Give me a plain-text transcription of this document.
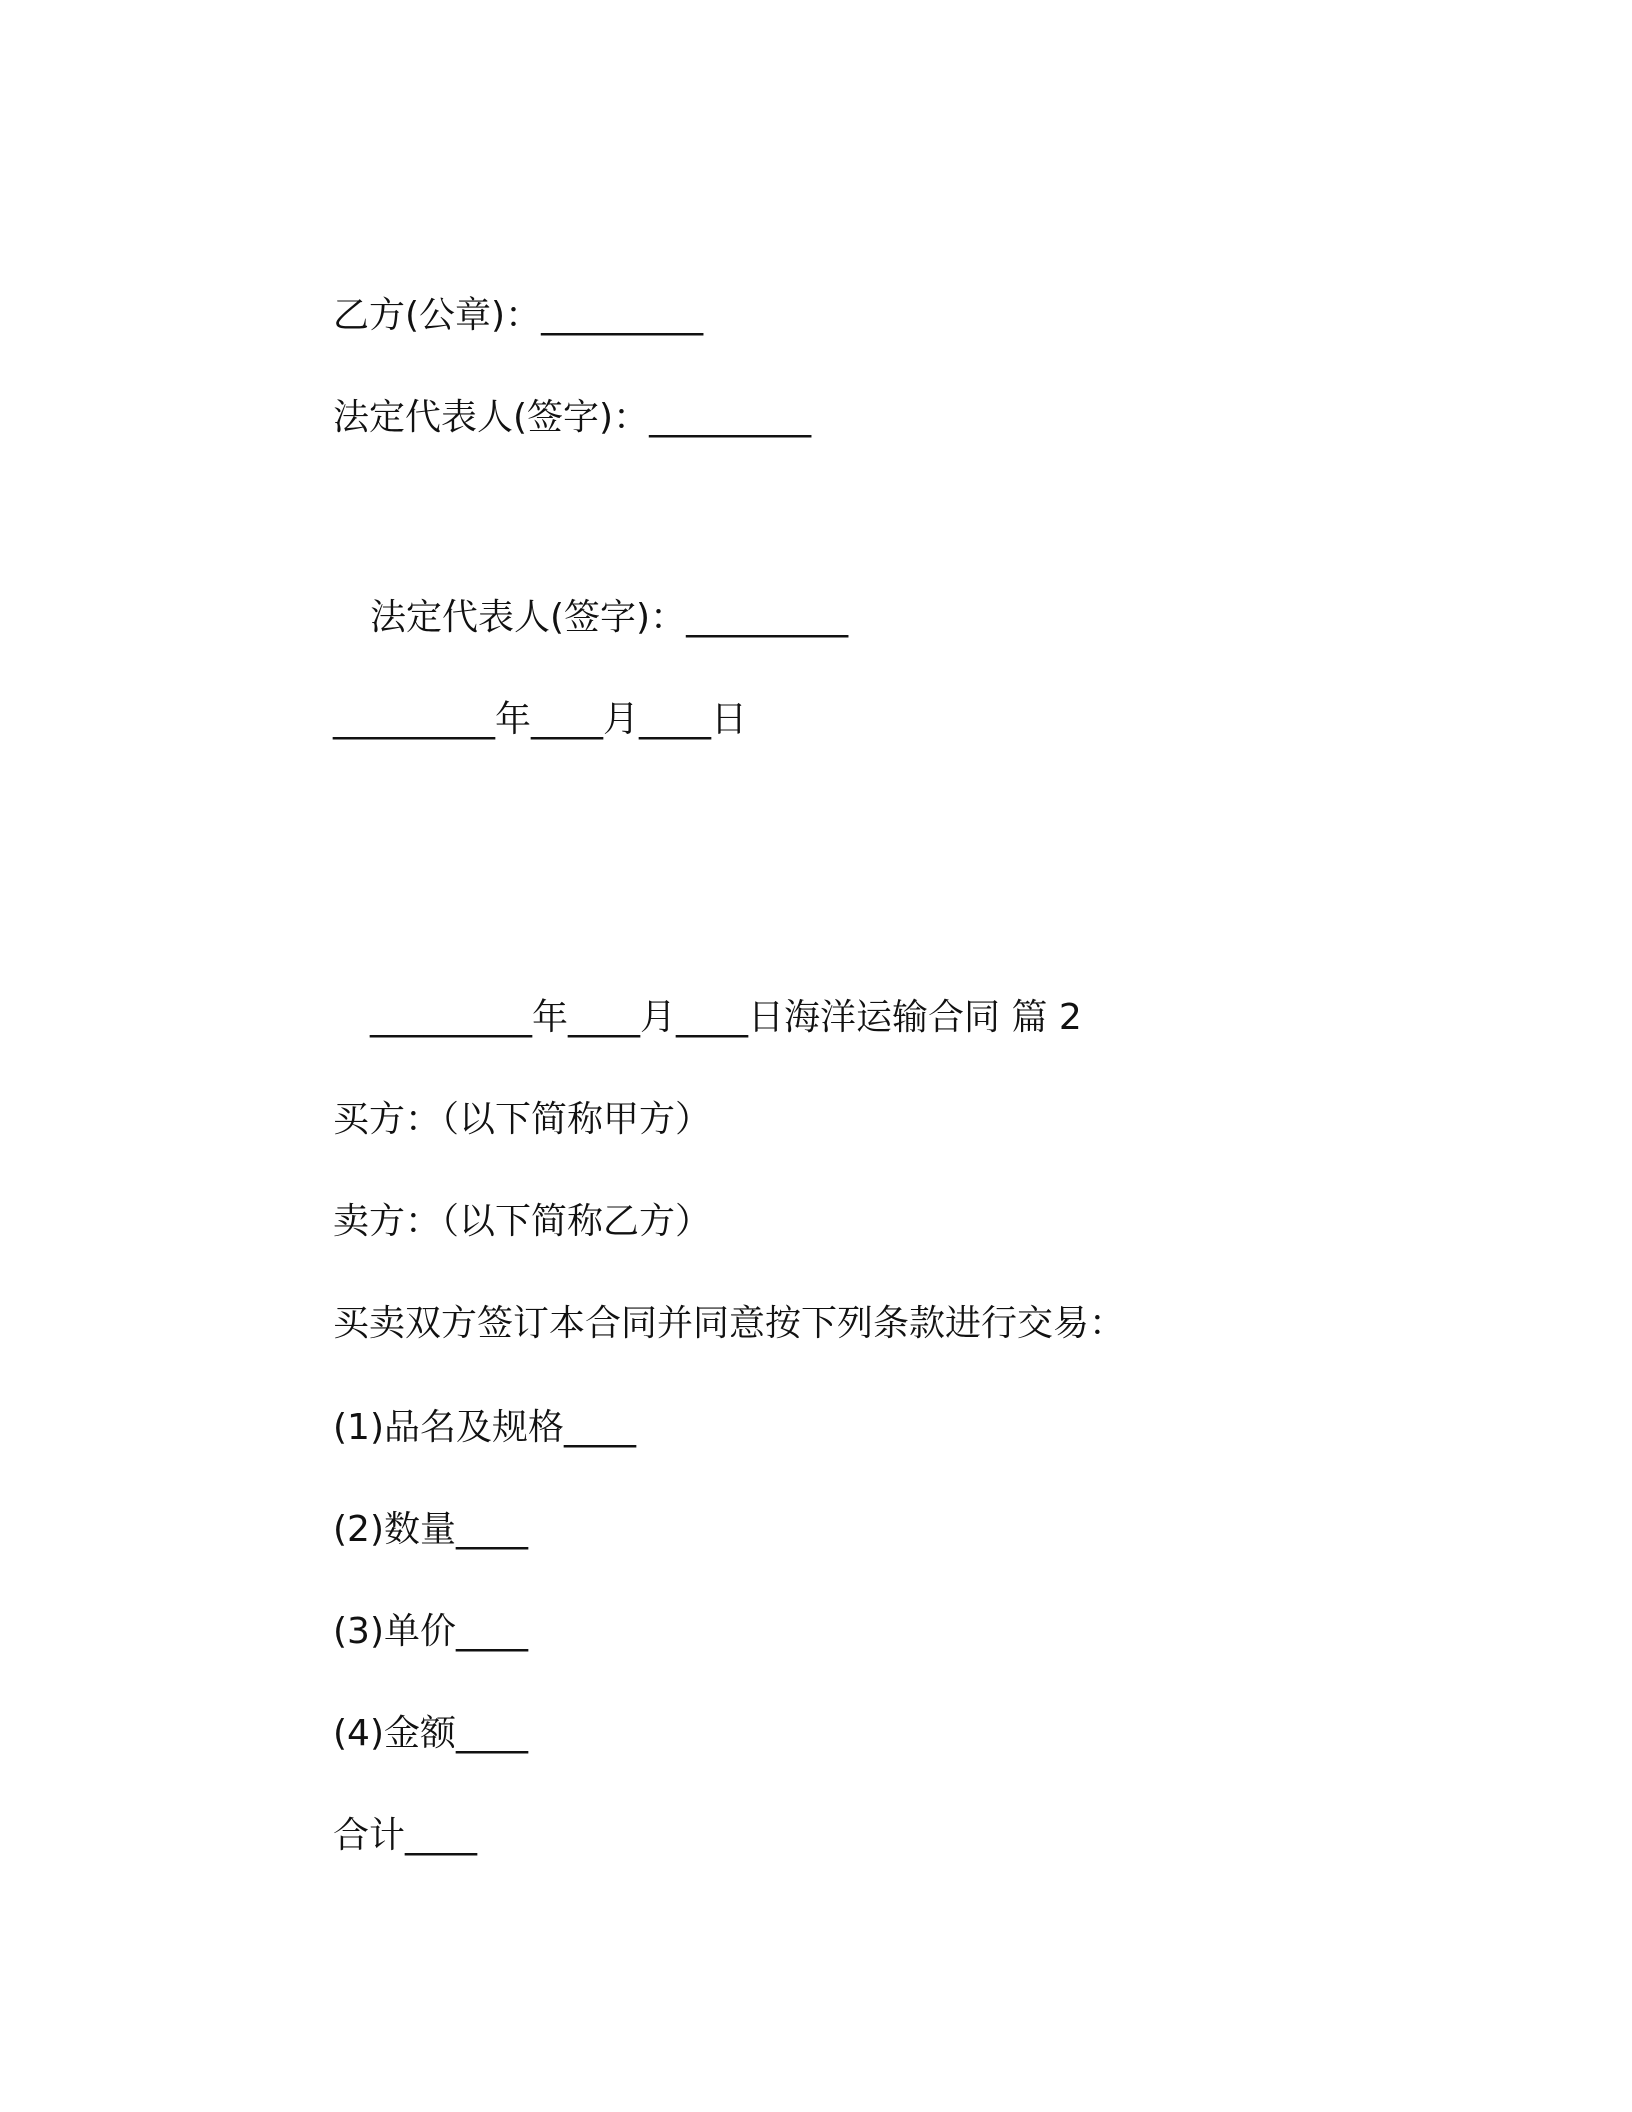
乙方(公章)：_________

法定代表人(签字)：_________

法定代表人(签字)：_________

_________年____月____日

_________年____月____日海洋运输合同 篇 2

买方：（以下简称甲方）

卖方：（以下简称乙方）

买卖双方签订本合同并同意按下列条款进行交易：

(1)品名及规格____

(2)数量____

(3)单价____

(4)金额____

合计____
